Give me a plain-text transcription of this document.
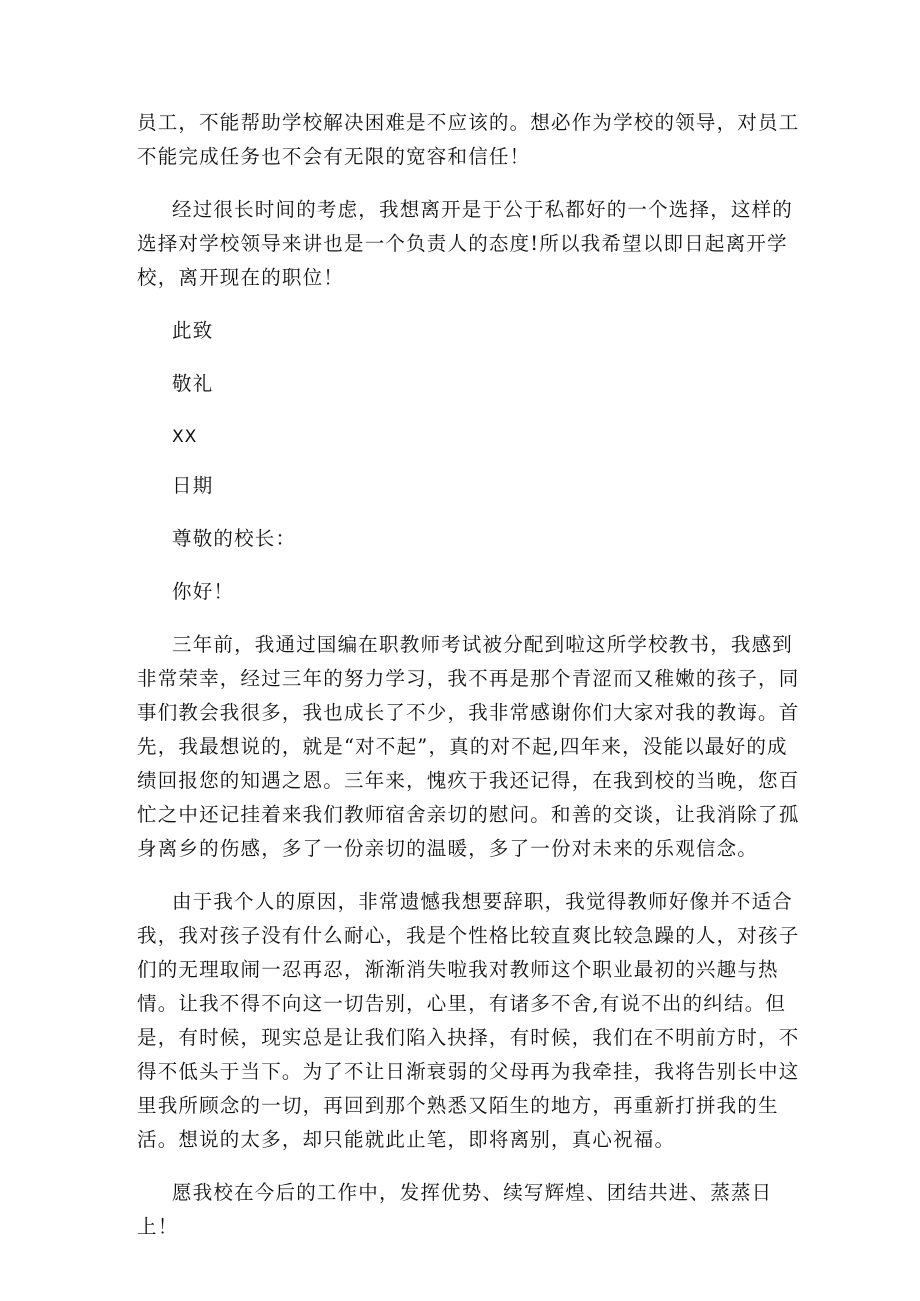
员工，不能帮助学校解决困难是不应该的。想必作为学校的领导，对员工
不能完成任务也不会有无限的宽容和信任！

经过很长时间的考虑，我想离开是于公于私都好的一个选择，这样的
选择对学校领导来讲也是一个负责人的态度!所以我希望以即日起离开学
校，离开现在的职位！

此致

敬礼

XX

日期

尊敬的校长：

你好！

三年前，我通过国编在职教师考试被分配到啦这所学校教书，我感到
非常荣幸，经过三年的努力学习，我不再是那个青涩而又稚嫩的孩子，同
事们教会我很多，我也成长了不少，我非常感谢你们大家对我的教诲。首
先，我最想说的，就是“对不起”，真的对不起,四年来，没能以最好的成
绩回报您的知遇之恩。三年来，愧疚于我还记得，在我到校的当晚，您百
忙之中还记挂着来我们教师宿舍亲切的慰问。和善的交谈，让我消除了孤
身离乡的伤感，多了一份亲切的温暖，多了一份对未来的乐观信念。

由于我个人的原因，非常遗憾我想要辞职，我觉得教师好像并不适合
我，我对孩子没有什么耐心，我是个性格比较直爽比较急躁的人，对孩子
们的无理取闹一忍再忍，渐渐消失啦我对教师这个职业最初的兴趣与热
情。让我不得不向这一切告别，心里，有诸多不舍,有说不出的纠结。但
是，有时候，现实总是让我们陷入抉择，有时候，我们在不明前方时，不
得不低头于当下。为了不让日渐衰弱的父母再为我牵挂，我将告别长中这
里我所顾念的一切，再回到那个熟悉又陌生的地方，再重新打拼我的生
活。想说的太多，却只能就此止笔，即将离别，真心祝福。

愿我校在今后的工作中，发挥优势、续写辉煌、团结共进、蒸蒸日
上！
